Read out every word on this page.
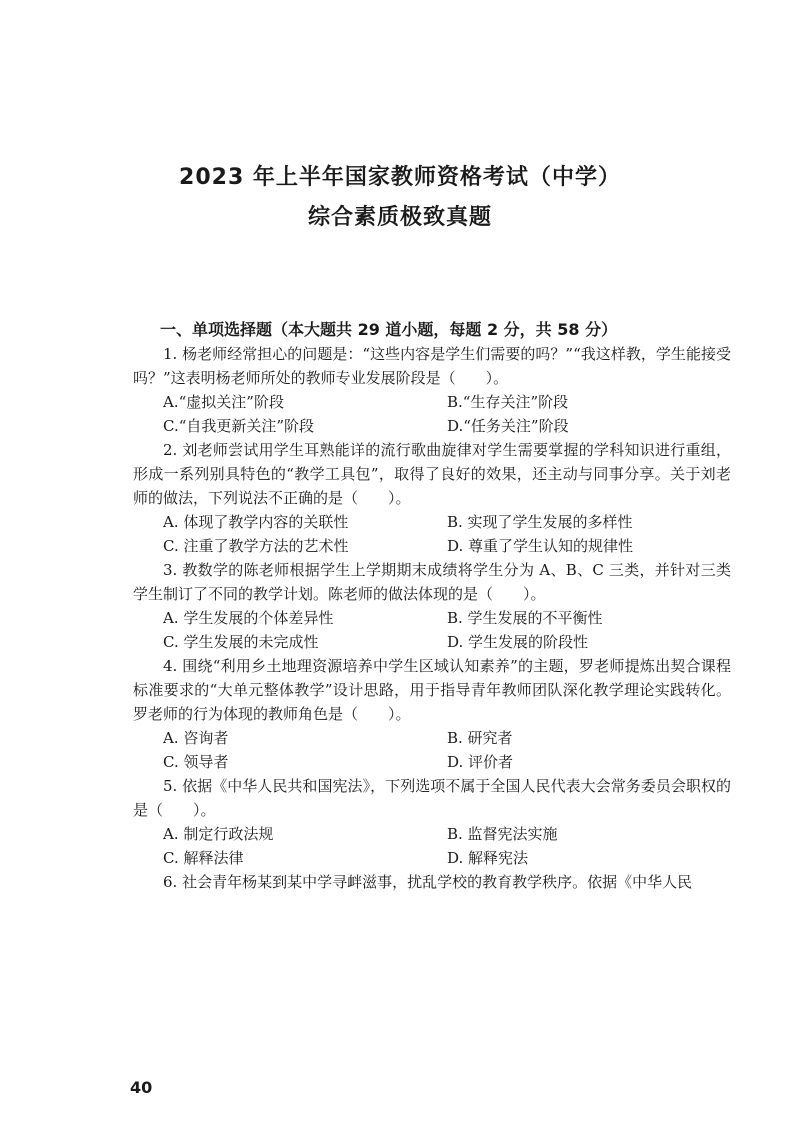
2023 年上半年国家教师资格考试（中学）
综合素质极致真题
一、单项选择题（本大题共 29 道小题，每题 2 分，共 58 分）
1. 杨老师经常担心的问题是：“这些内容是学生们需要的吗？”“我这样教，学生能接受吗？”这表明杨老师所处的教师专业发展阶段是（　　）。
A.“虚拟关注”阶段	B.“生存关注”阶段
C.“自我更新关注”阶段	D.“任务关注”阶段
2. 刘老师尝试用学生耳熟能详的流行歌曲旋律对学生需要掌握的学科知识进行重组，形成一系列别具特色的“教学工具包”，取得了良好的效果，还主动与同事分享。关于刘老师的做法，下列说法不正确的是（　　）。
A. 体现了教学内容的关联性	B. 实现了学生发展的多样性
C. 注重了教学方法的艺术性	D. 尊重了学生认知的规律性
3. 教数学的陈老师根据学生上学期期末成绩将学生分为 A、B、C 三类，并针对三类学生制订了不同的教学计划。陈老师的做法体现的是（　　）。
A. 学生发展的个体差异性	B. 学生发展的不平衡性
C. 学生发展的未完成性	D. 学生发展的阶段性
4. 围绕“利用乡土地理资源培养中学生区域认知素养”的主题，罗老师提炼出契合课程标准要求的“大单元整体教学”设计思路，用于指导青年教师团队深化教学理论实践转化。罗老师的行为体现的教师角色是（　　）。
A. 咨询者	B. 研究者
C. 领导者	D. 评价者
5. 依据《中华人民共和国宪法》，下列选项不属于全国人民代表大会常务委员会职权的是（　　）。
A. 制定行政法规	B. 监督宪法实施
C. 解释法律	D. 解释宪法
6. 社会青年杨某到某中学寻衅滋事，扰乱学校的教育教学秩序。依据《中华人民
40
